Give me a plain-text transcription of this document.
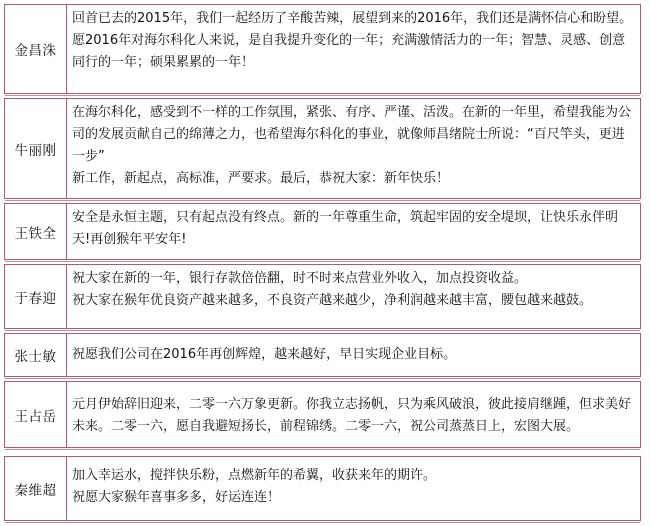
金昌洙

回首已去的2015年，我们一起经历了辛酸苦辣，展望到来的2016年，我们还是满怀信心和盼望。

愿2016年对海尔科化人来说，是自我提升变化的一年；充满激情活力的一年；智慧、灵感、创意同行的一年；硕果累累的一年！

牛丽刚

在海尔科化，感受到不一样的工作氛围，紧张、有序、严谨、活泼。在新的一年里，希望我能为公司的发展贡献自己的绵薄之力，也希望海尔科化的事业，就像师昌绪院士所说：“百尺竿头，更进一步”

新工作，新起点，高标准，严要求。最后，恭祝大家：新年快乐！

王铁全

安全是永恒主题，只有起点没有终点。新的一年尊重生命，筑起牢固的安全堤坝，让快乐永伴明天!再创猴年平安年!

于春迎

祝大家在新的一年，银行存款倍倍翻，时不时来点营业外收入，加点投资收益。

祝大家在猴年优良资产越来越多，不良资产越来越少，净利润越来越丰富，腰包越来越鼓。

张士敏	祝愿我们公司在2016年再创辉煌，越来越好，早日实现企业目标。

王占岳

元月伊始辞旧迎来，二零一六万象更新。你我立志扬帆，只为乘风破浪，彼此接肩继踵，但求美好未来。二零一六，愿自我避短扬长，前程锦绣。二零一六，祝公司蒸蒸日上，宏图大展。

秦维超

加入幸运水，搅拌快乐粉，点燃新年的希翼，收获来年的期许。

祝愿大家猴年喜事多多，好运连连！
